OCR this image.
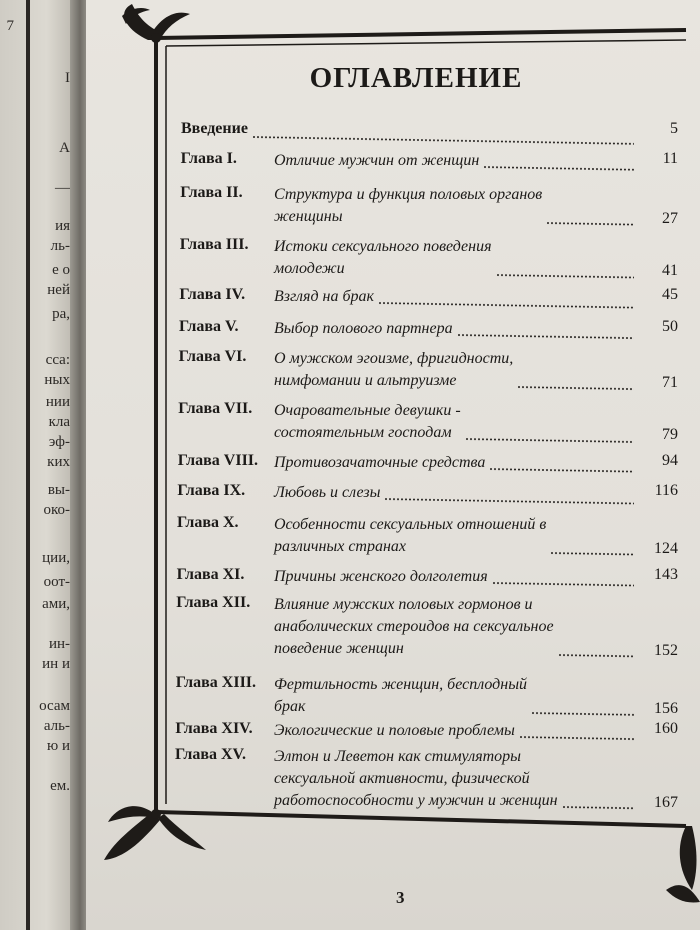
7
І
А
—
ия
ль-
е о
ней
ра,
сса:
ных
нии
кла
эф-
ких
вы-
око-
ции,
оот-
ами,
ин-
ин и
осам
аль-
ю и
ем.
ОГЛАВЛЕНИЕ
Введение	5
Глава I. Отличие мужчин от женщин	11
Глава II. Структура и функция половых органов
женщины	27
Глава III. Истоки сексуального поведения
молодежи	41
Глава IV. Взгляд на брак	45
Глава V. Выбор полового партнера	50
Глава VI. О мужском эгоизме, фригидности,
нимфомании и альтруизме	71
Глава VII. Очаровательные девушки -
состоятельным господам	79
Глава VIII. Противозачаточные средства	94
Глава IX. Любовь и слезы	116
Глава X. Особенности сексуальных отношений в
различных странах	124
Глава XI. Причины женского долголетия	143
Глава XII. Влияние мужских половых гормонов и
анаболических стероидов на сексуальное
поведение женщин	152
Глава XIII. Фертильность женщин, бесплодный
брак	156
Глава XIV. Экологические и половые проблемы	160
Глава XV. Элтон и Леветон как стимуляторы
сексуальной активности, физической
работоспособности у мужчин и женщин	167
3
